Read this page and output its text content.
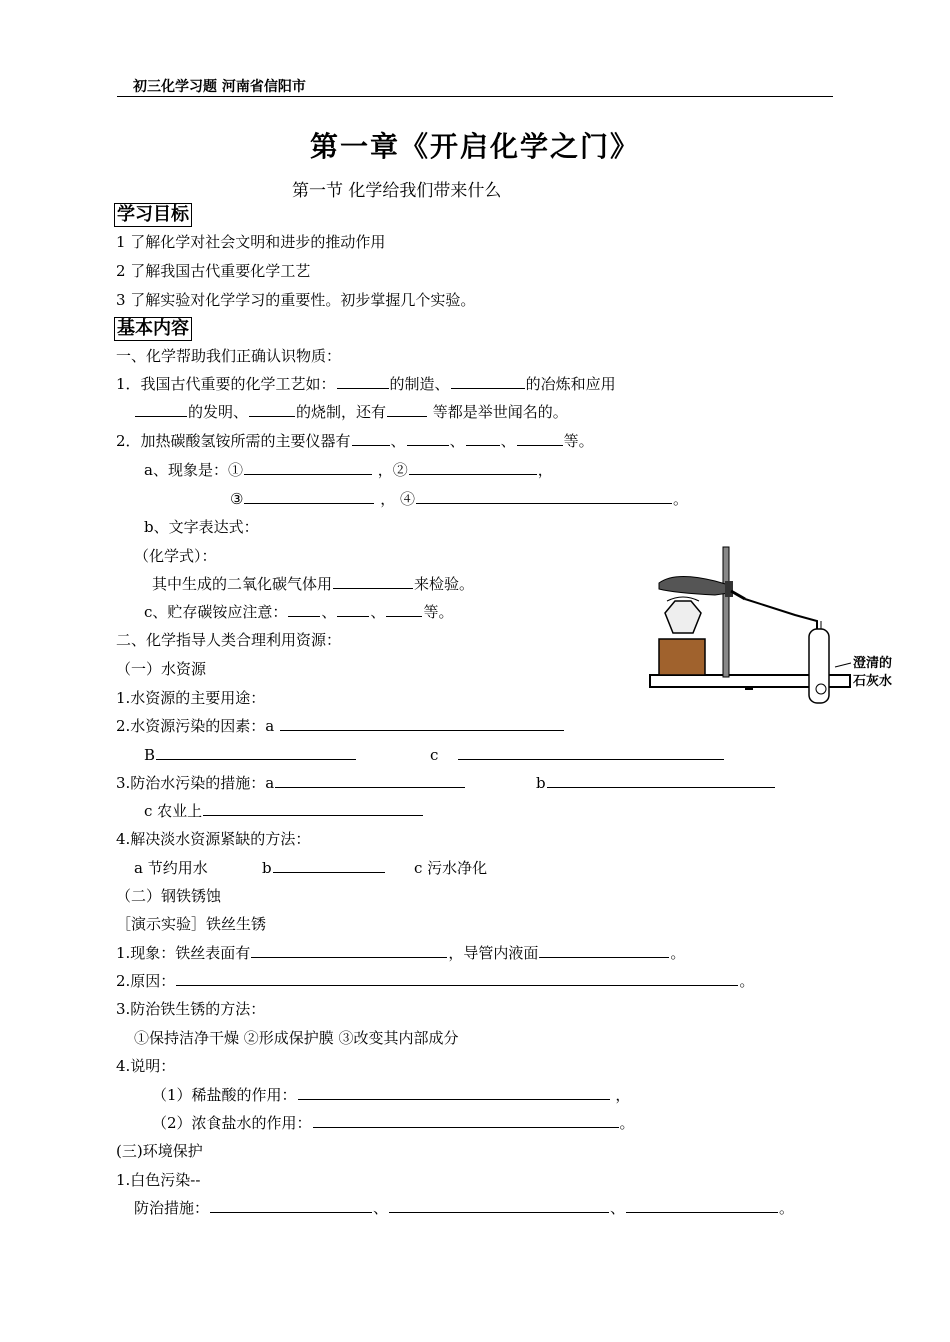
初三化学习题 河南省信阳市
第一章《开启化学之门》
第一节 化学给我们带来什么
学习目标
1 了解化学对社会文明和进步的推动作用
2 了解我国古代重要化学工艺
3 了解实验对化学学习的重要性。初步掌握几个实验。
基本内容
一、化学帮助我们正确认识物质：
1．我国古代重要的化学工艺如：	的制造、	的冶炼和应用
的发明、	的烧制，还有	等都是举世闻名的。
2．加热碳酸氢铵所需的主要仪器有	、	、 、	等。
a、现象是：①	，②	，
③	， ④	。
b、文字表达式：
（化学式）：
其中生成的二氧化碳气体用	来检验。
c、贮存碳铵应注意： 、 、	等。
二、化学指导人类合理利用资源：
（一）水资源
1.水资源的主要用途：
2.水资源污染的因素：a
B	c
3.防治水污染的措施：a	b
c 农业上
4.解决淡水资源紧缺的方法：
a 节约用水	b	c 污水净化
（二）钢铁锈蚀
［演示实验］铁丝生锈
1.现象：铁丝表面有	，导管内液面	。
2.原因：	。
3.防治铁生锈的方法：
①保持洁净干燥 ②形成保护膜 ③改变其内部成分
4.说明：
（1）稀盐酸的作用：	，
（2）浓食盐水的作用：	。
(三)环境保护
1.白色污染--
防治措施：	、	、	。
澄清的
石灰水
